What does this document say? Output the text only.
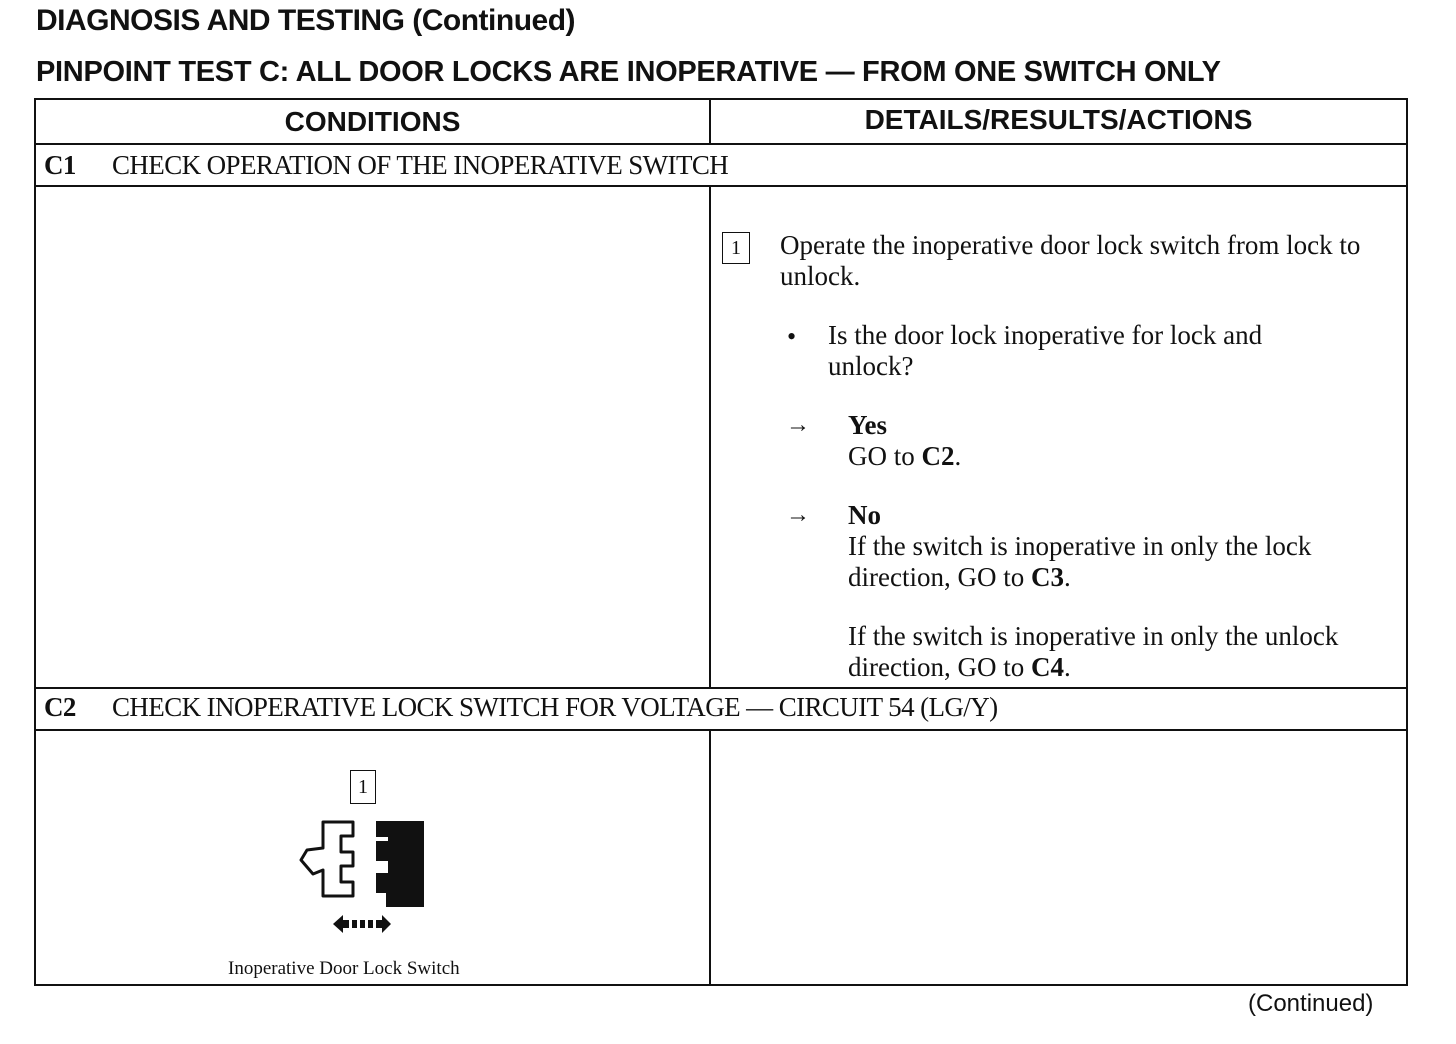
DIAGNOSIS AND TESTING (Continued)
PINPOINT TEST C: ALL DOOR LOCKS ARE INOPERATIVE — FROM ONE SWITCH ONLY
CONDITIONS	DETAILS/RESULTS/ACTIONS
C1 CHECK OPERATION OF THE INOPERATIVE SWITCH
1	Operate the inoperative door lock switch from lock to unlock.
• Is the door lock inoperative for lock and unlock?
→ Yes
GO to C2.
→ No
If the switch is inoperative in only the lock direction, GO to C3.
If the switch is inoperative in only the unlock direction, GO to C4.
C2 CHECK INOPERATIVE LOCK SWITCH FOR VOLTAGE — CIRCUIT 54 (LG/Y)
1
Inoperative Door Lock Switch
(Continued)
